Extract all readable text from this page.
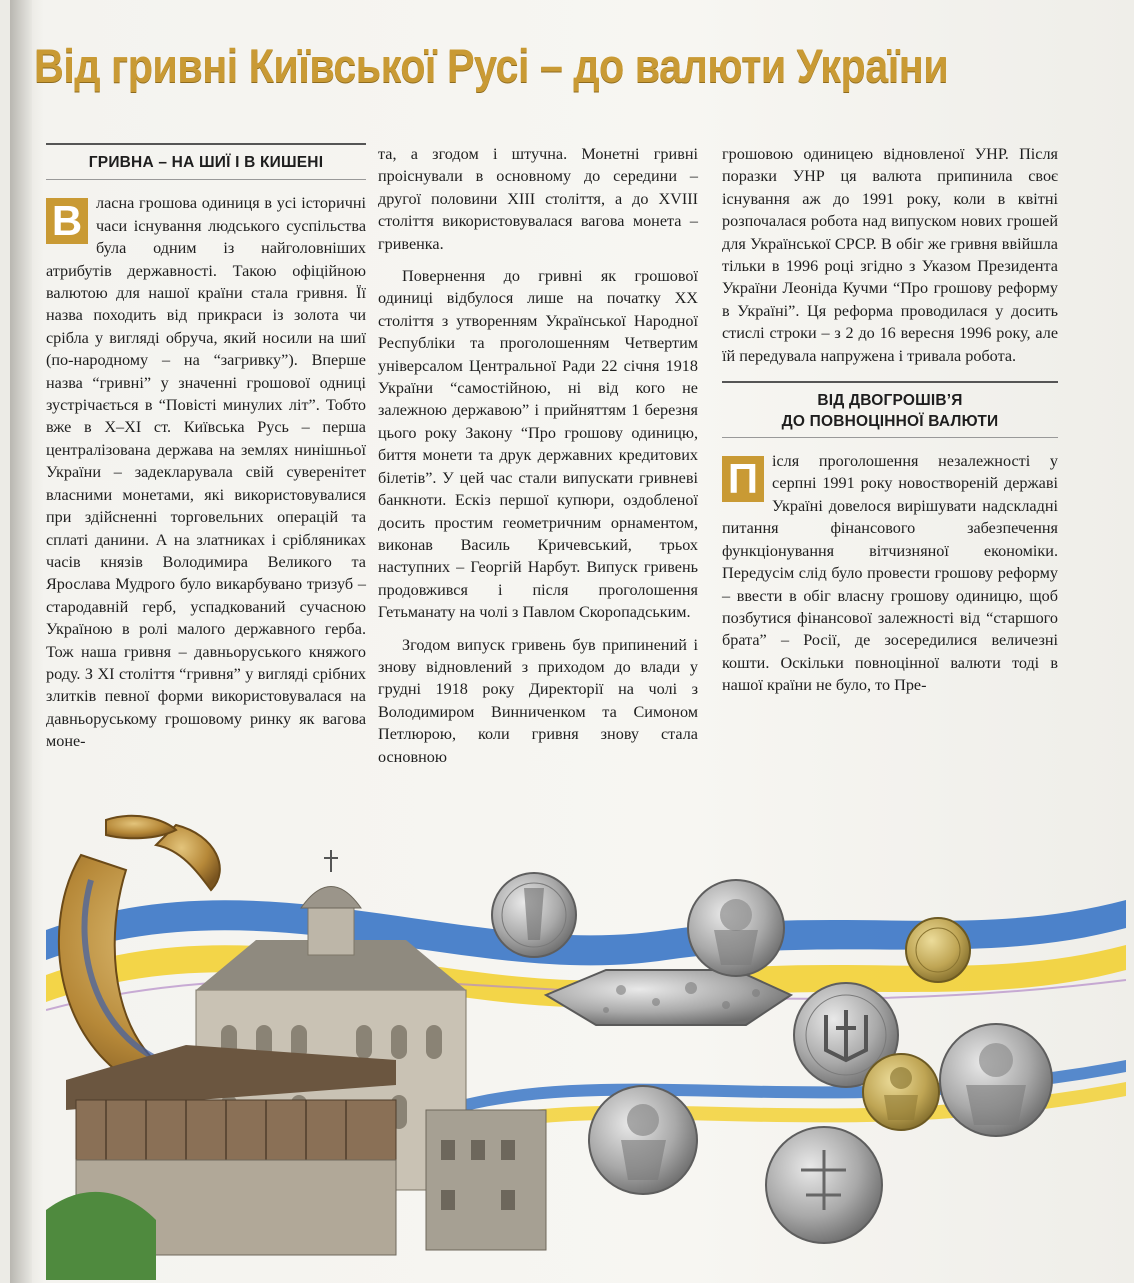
Від гривні Київської Русі – до валюти України
ГРИВНА – НА ШИЇ І В КИШЕНІ

В ласна грошова одиниця в усі історичні часи існування людського суспільства була одним із найголовніших атрибутів державності. Такою офіційною валютою для нашої країни стала гривня. Її назва походить від прикраси із золота чи срібла у вигляді обруча, який носили на шиї (по-народному – на “загривку”). Вперше назва “гривні” у значенні грошової одниці зустрічається в “Повісті минулих літ”. Тобто вже в X–XI ст. Київська Русь – перша централізована держава на землях нинішньої України – задекларувала свій суверенітет власними монетами, які використовувалися при здійсненні торговельних операцій та сплаті данини. А на златниках і срібляниках часів князів Володимира Великого та Ярослава Мудрого було викарбувано тризуб – стародавній герб, успадкований сучасною Україною в ролі малого державного герба. Тож наша гривня – давньоруського княжого роду. З XI століття “гривня” у вигляді срібних злитків певної форми використовувалася на давньоруському грошовому ринку як вагова моне-

та, а згодом і штучна. Монетні гривні проіснували в основному до середини – другої половини XIII століття, а до XVIII століття використовувалася вагова монета – гривенка.

Повернення до гривні як грошової одиниці відбулося лише на початку XX століття з утворенням Української Народної Республіки та проголошенням Четвертим універсалом Центральної Ради 22 січня 1918 України “самостійною, ні від кого не залежною державою” і прийняттям 1 березня цього року Закону “Про грошову одиницю, биття монети та друк державних кредитових білетів”. У цей час стали випускати гривневі банкноти. Ескіз першої купюри, оздобленої досить простим геометричним орнаментом, виконав Василь Кричевський, трьох наступних – Георгій Нарбут. Випуск гривень продовжився і після проголошення Гетьманату на чолі з Павлом Скоропадським.

Згодом випуск гривень був припинений і знову відновлений з приходом до влади у грудні 1918 року Директорії на чолі з Володимиром Винниченком та Симоном Петлюрою, коли гривня знову стала основною

грошовою одиницею відновленої УНР. Після поразки УНР ця валюта припинила своє існування аж до 1991 року, коли в квітні розпочалася робота над випуском нових грошей для Української СРСР. В обіг же гривня ввійшла тільки в 1996 році згідно з Указом Президента України Леоніда Кучми “Про грошову реформу в Україні”. Ця реформа проводилася у досить стислі строки – з 2 до 16 вересня 1996 року, але їй передувала напружена і тривала робота.

ВІД ДВОГРОШІВ’Я
ДО ПОВНОЦІННОЇ ВАЛЮТИ

П ісля проголошення незалежності у серпні 1991 року новоствореній державі Україні довелося вирішувати надскладні питання фінансового забезпечення функціонування вітчизняної економіки. Передусім слід було провести грошову реформу – ввести в обіг власну грошову одиницю, щоб позбутися фінансової залежності від “старшого брата” – Росії, де зосередилися величезні кошти. Оскільки повноцінної валюти тоді в нашої країни не було, то Пре-
